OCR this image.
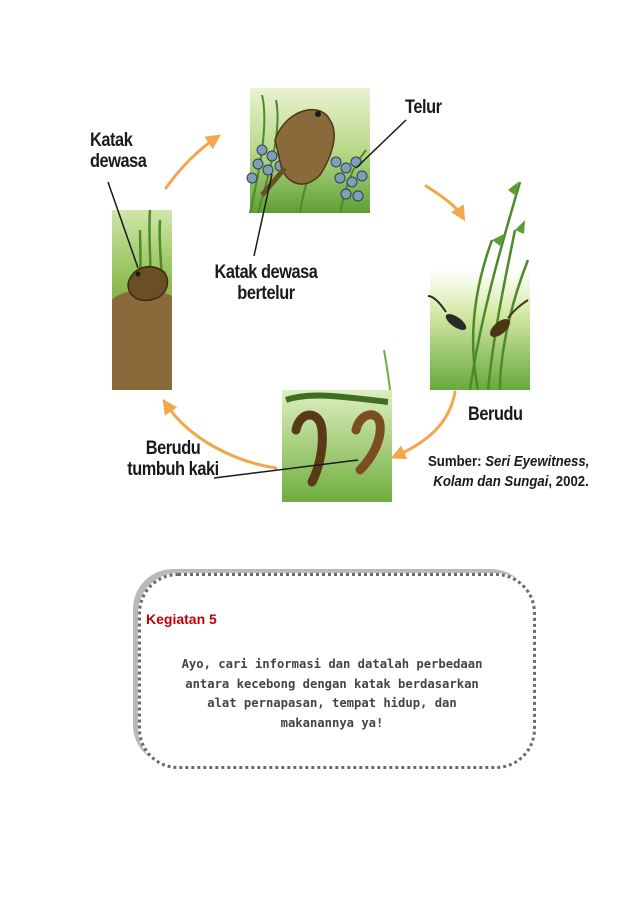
Katak
dewasa
Telur
Katak dewasa
bertelur
Berudu
Berudu
tumbuh kaki	Sumber: Seri Eyewitness,
Kolam dan Sungai, 2002.
Kegiatan 5
Ayo, cari informasi dan datalah perbedaan
antara kecebong dengan katak berdasarkan
alat pernapasan, tempat hidup, dan
makanannya ya!
